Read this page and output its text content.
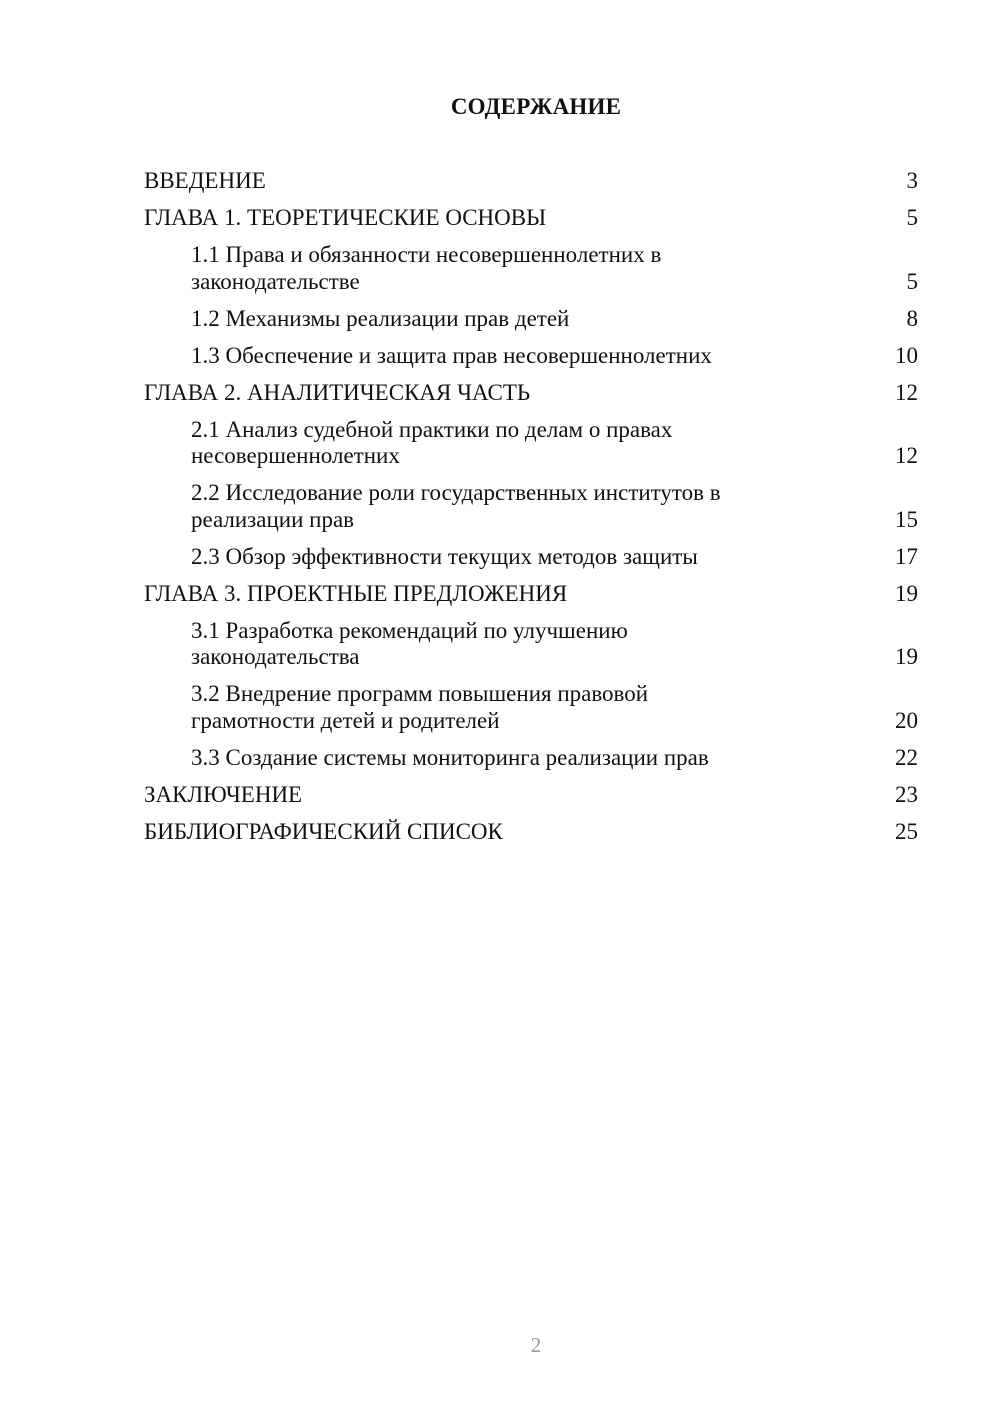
СОДЕРЖАНИЕ
ВВЕДЕНИЕ	3
ГЛАВА 1. ТЕОРЕТИЧЕСКИЕ ОСНОВЫ	5
1.1 Права и обязанности несовершеннолетних в законодательстве	5
1.2 Механизмы реализации прав детей	8
1.3 Обеспечение и защита прав несовершеннолетних	10
ГЛАВА 2. АНАЛИТИЧЕСКАЯ ЧАСТЬ	12
2.1 Анализ судебной практики по делам о правах несовершеннолетних	12
2.2 Исследование роли государственных институтов в реализации прав	15
2.3 Обзор эффективности текущих методов защиты	17
ГЛАВА 3. ПРОЕКТНЫЕ ПРЕДЛОЖЕНИЯ	19
3.1 Разработка рекомендаций по улучшению законодательства	19
3.2 Внедрение программ повышения правовой грамотности детей и родителей	20
3.3 Создание системы мониторинга реализации прав	22
ЗАКЛЮЧЕНИЕ	23
БИБЛИОГРАФИЧЕСКИЙ СПИСОК	25
2
